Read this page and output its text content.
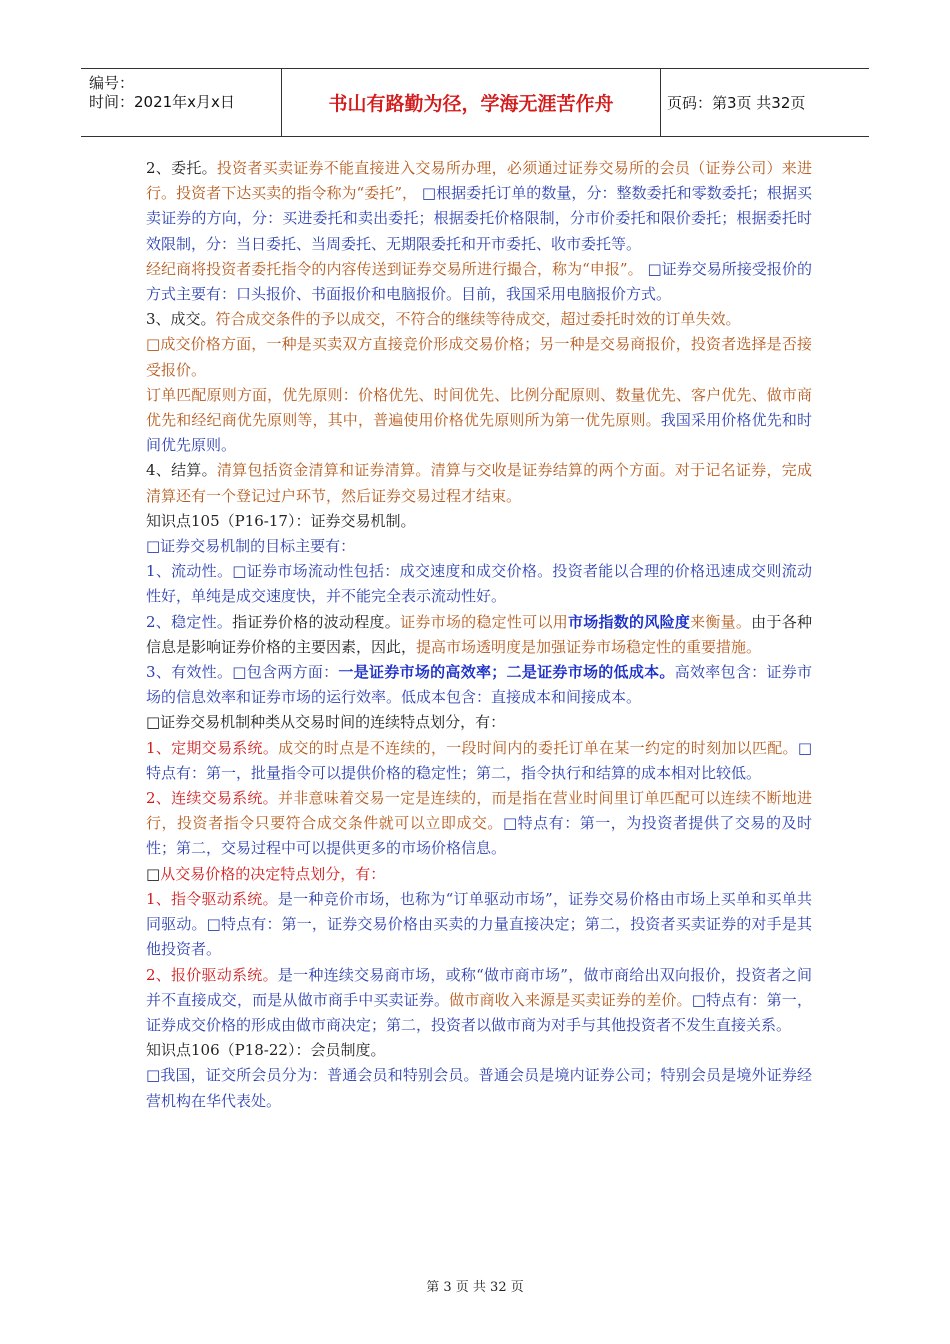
编号：
时间：2021年x月x日	书山有路勤为径，学海无涯苦作舟	页码：第3页 共32页

2、委托。投资者买卖证券不能直接进入交易所办理，必须通过证券交易所的会员（证券公司）来进行。投资者下达买卖的指令称为“委托”， □根据委托订单的数量，分：整数委托和零数委托；根据买卖证券的方向，分：买进委托和卖出委托；根据委托价格限制，分市价委托和限价委托；根据委托时效限制，分：当日委托、当周委托、无期限委托和开市委托、收市委托等。

经纪商将投资者委托指令的内容传送到证券交易所进行撮合，称为“申报”。 □证券交易所接受报价的方式主要有：口头报价、书面报价和电脑报价。目前，我国采用电脑报价方式。

3、成交。符合成交条件的予以成交，不符合的继续等待成交，超过委托时效的订单失效。

□成交价格方面，一种是买卖双方直接竞价形成交易价格；另一种是交易商报价，投资者选择是否接受报价。

订单匹配原则方面，优先原则：价格优先、时间优先、比例分配原则、数量优先、客户优先、做市商优先和经纪商优先原则等，其中，普遍使用价格优先原则所为第一优先原则。我国采用价格优先和时间优先原则。

4、结算。清算包括资金清算和证券清算。清算与交收是证券结算的两个方面。对于记名证券，完成清算还有一个登记过户环节，然后证券交易过程才结束。

知识点105（P16-17）：证券交易机制。

□证券交易机制的目标主要有：

1、流动性。□证券市场流动性包括：成交速度和成交价格。投资者能以合理的价格迅速成交则流动性好，单纯是成交速度快，并不能完全表示流动性好。

2、稳定性。指证券价格的波动程度。证券市场的稳定性可以用市场指数的风险度来衡量。由于各种信息是影响证券价格的主要因素，因此，提高市场透明度是加强证券市场稳定性的重要措施。

3、有效性。□包含两方面：一是证券市场的高效率；二是证券市场的低成本。高效率包含：证券市场的信息效率和证券市场的运行效率。低成本包含：直接成本和间接成本。

□证券交易机制种类从交易时间的连续特点划分，有：

1、定期交易系统。成交的时点是不连续的，一段时间内的委托订单在某一约定的时刻加以匹配。□特点有：第一，批量指令可以提供价格的稳定性；第二，指令执行和结算的成本相对比较低。

2、连续交易系统。并非意味着交易一定是连续的，而是指在营业时间里订单匹配可以连续不断地进行，投资者指令只要符合成交条件就可以立即成交。□特点有：第一，为投资者提供了交易的及时性；第二，交易过程中可以提供更多的市场价格信息。

□从交易价格的决定特点划分，有：

1、指令驱动系统。是一种竞价市场，也称为“订单驱动市场”，证券交易价格由市场上买单和买单共同驱动。□特点有：第一，证券交易价格由买卖的力量直接决定；第二，投资者买卖证券的对手是其他投资者。

2、报价驱动系统。是一种连续交易商市场，或称“做市商市场”，做市商给出双向报价，投资者之间并不直接成交，而是从做市商手中买卖证券。做市商收入来源是买卖证券的差价。□特点有：第一，证券成交价格的形成由做市商决定；第二，投资者以做市商为对手与其他投资者不发生直接关系。

知识点106（P18-22）：会员制度。

□我国，证交所会员分为：普通会员和特别会员。普通会员是境内证券公司；特别会员是境外证券经营机构在华代表处。

第 3 页 共 32 页
